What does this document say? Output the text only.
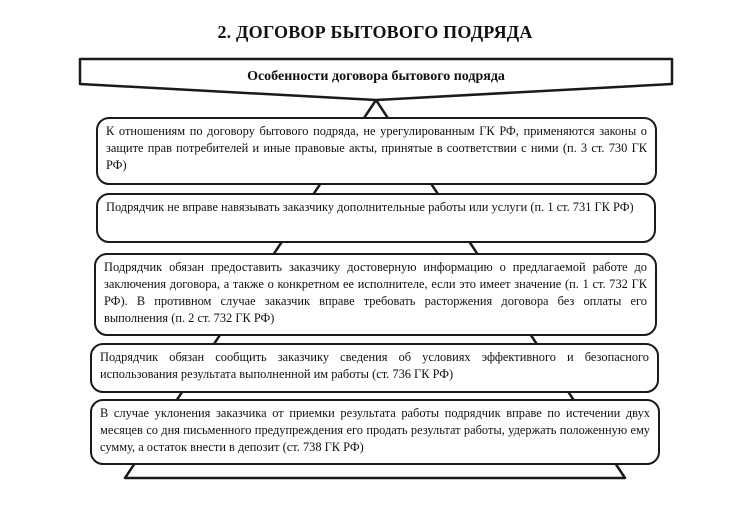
2. ДОГОВОР БЫТОВОГО ПОДРЯДА
Особенности договора бытового подряда
К отношениям по договору бытового подряда, не урегулированным ГК РФ, применяются законы о защите прав потребителей и иные правовые акты, принятые в соответствии с ними (п. 3 ст. 730 ГК РФ)
Подрядчик не вправе навязывать заказчику дополнительные работы или услуги (п. 1 ст. 731 ГК РФ)
Подрядчик обязан предоставить заказчику достоверную информацию о предлагаемой работе до заключения договора, а также о конкретном ее исполнителе, если это имеет значение (п. 1 ст. 732 ГК РФ). В противном случае заказчик вправе требовать расторжения договора без оплаты его выполнения (п. 2 ст. 732 ГК РФ)
Подрядчик обязан сообщить заказчику сведения об условиях эффективного и безопасного использования результата выполненной им работы (ст. 736 ГК РФ)
В случае уклонения заказчика от приемки результата работы подрядчик вправе по истечении двух месяцев со дня письменного предупреждения его продать результат работы, удержать положенную ему сумму, а остаток внести в депозит (ст. 738 ГК РФ)
